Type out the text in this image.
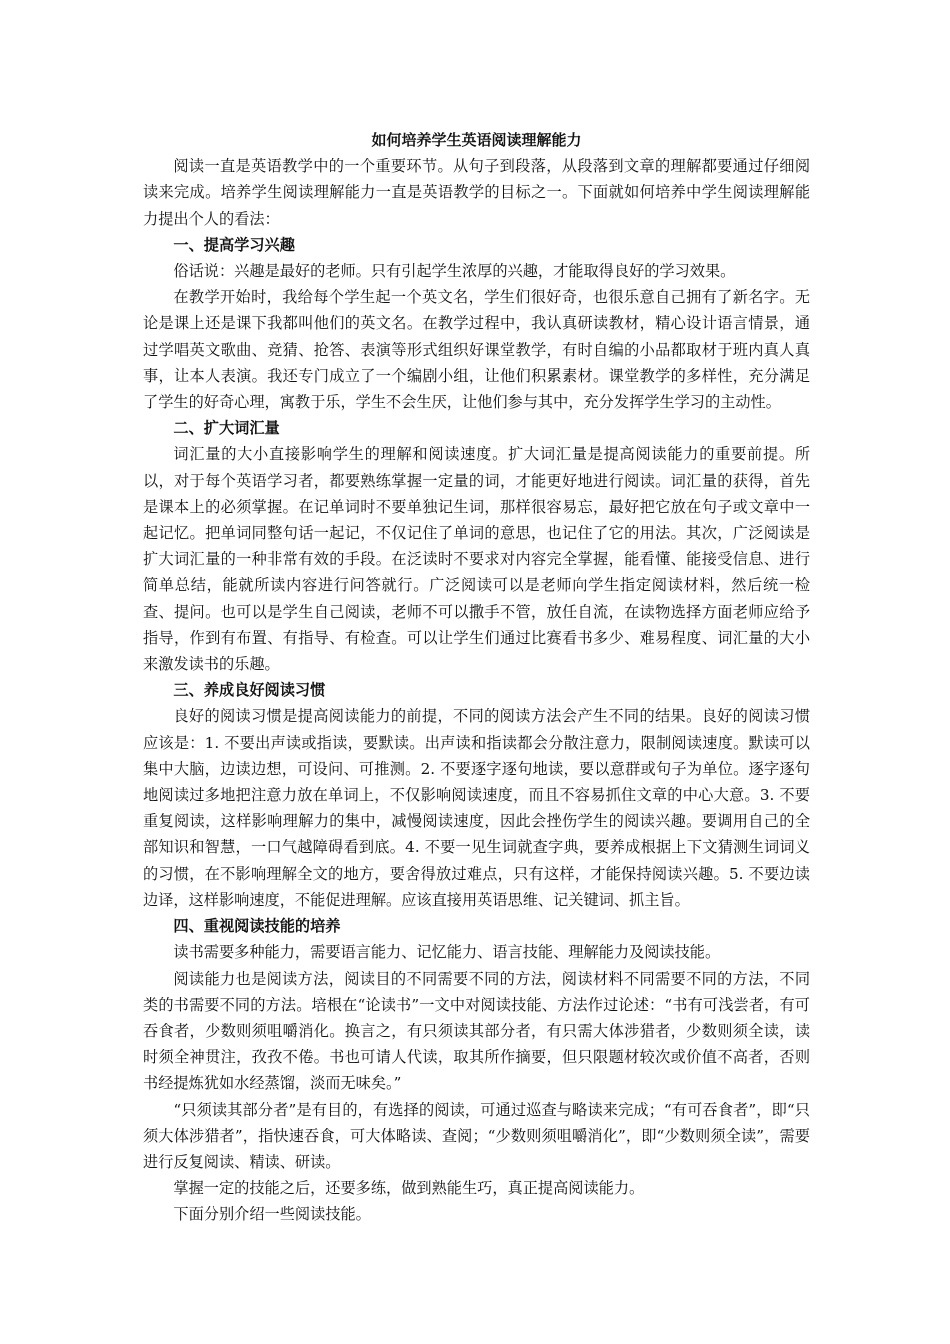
如何培养学生英语阅读理解能力

阅读一直是英语教学中的一个重要环节。从句子到段落，从段落到文章的理解都要通过仔细阅读来完成。培养学生阅读理解能力一直是英语教学的目标之一。下面就如何培养中学生阅读理解能力提出个人的看法：

一、提高学习兴趣

俗话说：兴趣是最好的老师。只有引起学生浓厚的兴趣，才能取得良好的学习效果。

在教学开始时，我给每个学生起一个英文名，学生们很好奇，也很乐意自己拥有了新名字。无论是课上还是课下我都叫他们的英文名。在教学过程中，我认真研读教材，精心设计语言情景，通过学唱英文歌曲、竞猜、抢答、表演等形式组织好课堂教学，有时自编的小品都取材于班内真人真事，让本人表演。我还专门成立了一个编剧小组，让他们积累素材。课堂教学的多样性，充分满足了学生的好奇心理，寓教于乐，学生不会生厌，让他们参与其中，充分发挥学生学习的主动性。

二、扩大词汇量

词汇量的大小直接影响学生的理解和阅读速度。扩大词汇量是提高阅读能力的重要前提。所以，对于每个英语学习者，都要熟练掌握一定量的词，才能更好地进行阅读。词汇量的获得，首先是课本上的必须掌握。在记单词时不要单独记生词，那样很容易忘，最好把它放在句子或文章中一起记忆。把单词同整句话一起记，不仅记住了单词的意思，也记住了它的用法。其次，广泛阅读是扩大词汇量的一种非常有效的手段。在泛读时不要求对内容完全掌握，能看懂、能接受信息、进行简单总结，能就所读内容进行问答就行。广泛阅读可以是老师向学生指定阅读材料，然后统一检查、提问。也可以是学生自己阅读，老师不可以撒手不管，放任自流，在读物选择方面老师应给予指导，作到有布置、有指导、有检查。可以让学生们通过比赛看书多少、难易程度、词汇量的大小来激发读书的乐趣。

三、养成良好阅读习惯

良好的阅读习惯是提高阅读能力的前提，不同的阅读方法会产生不同的结果。良好的阅读习惯应该是：1. 不要出声读或指读，要默读。出声读和指读都会分散注意力，限制阅读速度。默读可以集中大脑，边读边想，可设问、可推测。2. 不要逐字逐句地读，要以意群或句子为单位。逐字逐句地阅读过多地把注意力放在单词上，不仅影响阅读速度，而且不容易抓住文章的中心大意。3. 不要重复阅读，这样影响理解力的集中，减慢阅读速度，因此会挫伤学生的阅读兴趣。要调用自己的全部知识和智慧，一口气越障碍看到底。4. 不要一见生词就查字典，要养成根据上下文猜测生词词义的习惯，在不影响理解全文的地方，要舍得放过难点，只有这样，才能保持阅读兴趣。5. 不要边读边译，这样影响速度，不能促进理解。应该直接用英语思维、记关键词、抓主旨。

四、重视阅读技能的培养

读书需要多种能力，需要语言能力、记忆能力、语言技能、理解能力及阅读技能。

阅读能力也是阅读方法，阅读目的不同需要不同的方法，阅读材料不同需要不同的方法，不同类的书需要不同的方法。培根在“论读书”一文中对阅读技能、方法作过论述：“书有可浅尝者，有可吞食者，少数则须咀嚼消化。换言之，有只须读其部分者，有只需大体涉猎者，少数则须全读，读时须全神贯注，孜孜不倦。书也可请人代读，取其所作摘要，但只限题材较次或价值不高者，否则书经提炼犹如水经蒸馏，淡而无味矣。”

“只须读其部分者”是有目的，有选择的阅读，可通过巡查与略读来完成；“有可吞食者”，即“只须大体涉猎者”，指快速吞食，可大体略读、查阅；“少数则须咀嚼消化”，即“少数则须全读”，需要进行反复阅读、精读、研读。

掌握一定的技能之后，还要多练，做到熟能生巧，真正提高阅读能力。

下面分别介绍一些阅读技能。
